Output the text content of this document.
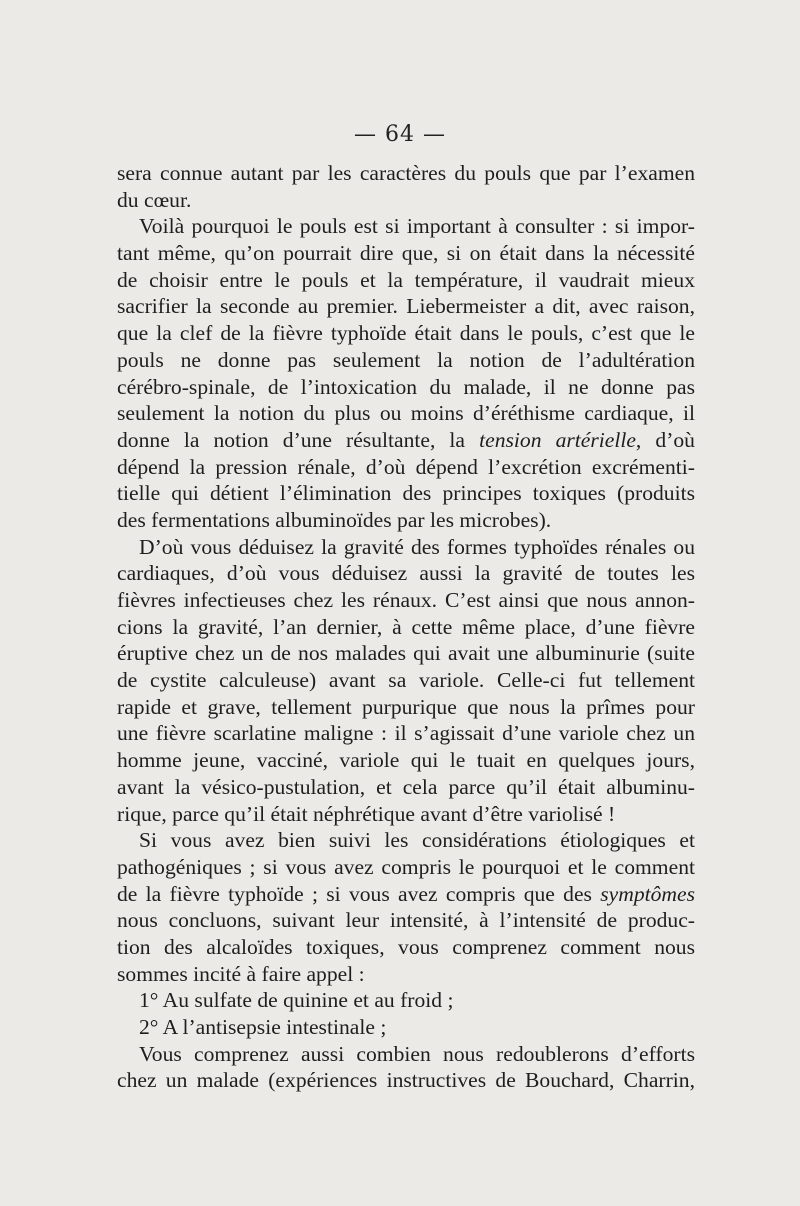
— 64 —
sera connue autant par les caractères du pouls que par l’examen
du cœur.
Voilà pourquoi le pouls est si important à consulter : si impor-
tant même, qu’on pourrait dire que, si on était dans la nécessité
de choisir entre le pouls et la température, il vaudrait mieux
sacrifier la seconde au premier. Liebermeister a dit, avec raison,
que la clef de la fièvre typhoïde était dans le pouls, c’est que le
pouls ne donne pas seulement la notion de l’adultération
cérébro-spinale, de l’intoxication du malade, il ne donne pas
seulement la notion du plus ou moins d’éréthisme cardiaque, il
donne la notion d’une résultante, la tension artérielle, d’où
dépend la pression rénale, d’où dépend l’excrétion excrémenti-
tielle qui détient l’élimination des principes toxiques (produits
des fermentations albuminoïdes par les microbes).
D’où vous déduisez la gravité des formes typhoïdes rénales ou
cardiaques, d’où vous déduisez aussi la gravité de toutes les
fièvres infectieuses chez les rénaux. C’est ainsi que nous annon-
cions la gravité, l’an dernier, à cette même place, d’une fièvre
éruptive chez un de nos malades qui avait une albuminurie (suite
de cystite calculeuse) avant sa variole. Celle-ci fut tellement
rapide et grave, tellement purpurique que nous la prîmes pour
une fièvre scarlatine maligne : il s’agissait d’une variole chez un
homme jeune, vacciné, variole qui le tuait en quelques jours,
avant la vésico-pustulation, et cela parce qu’il était albuminu-
rique, parce qu’il était néphrétique avant d’être variolisé !
Si vous avez bien suivi les considérations étiologiques et
pathogéniques ; si vous avez compris le pourquoi et le comment
de la fièvre typhoïde ; si vous avez compris que des symptômes
nous concluons, suivant leur intensité, à l’intensité de produc-
tion des alcaloïdes toxiques, vous comprenez comment nous
sommes incité à faire appel :
1° Au sulfate de quinine et au froid ;
2° A l’antisepsie intestinale ;
Vous comprenez aussi combien nous redoublerons d’efforts
chez un malade (expériences instructives de Bouchard, Charrin,
